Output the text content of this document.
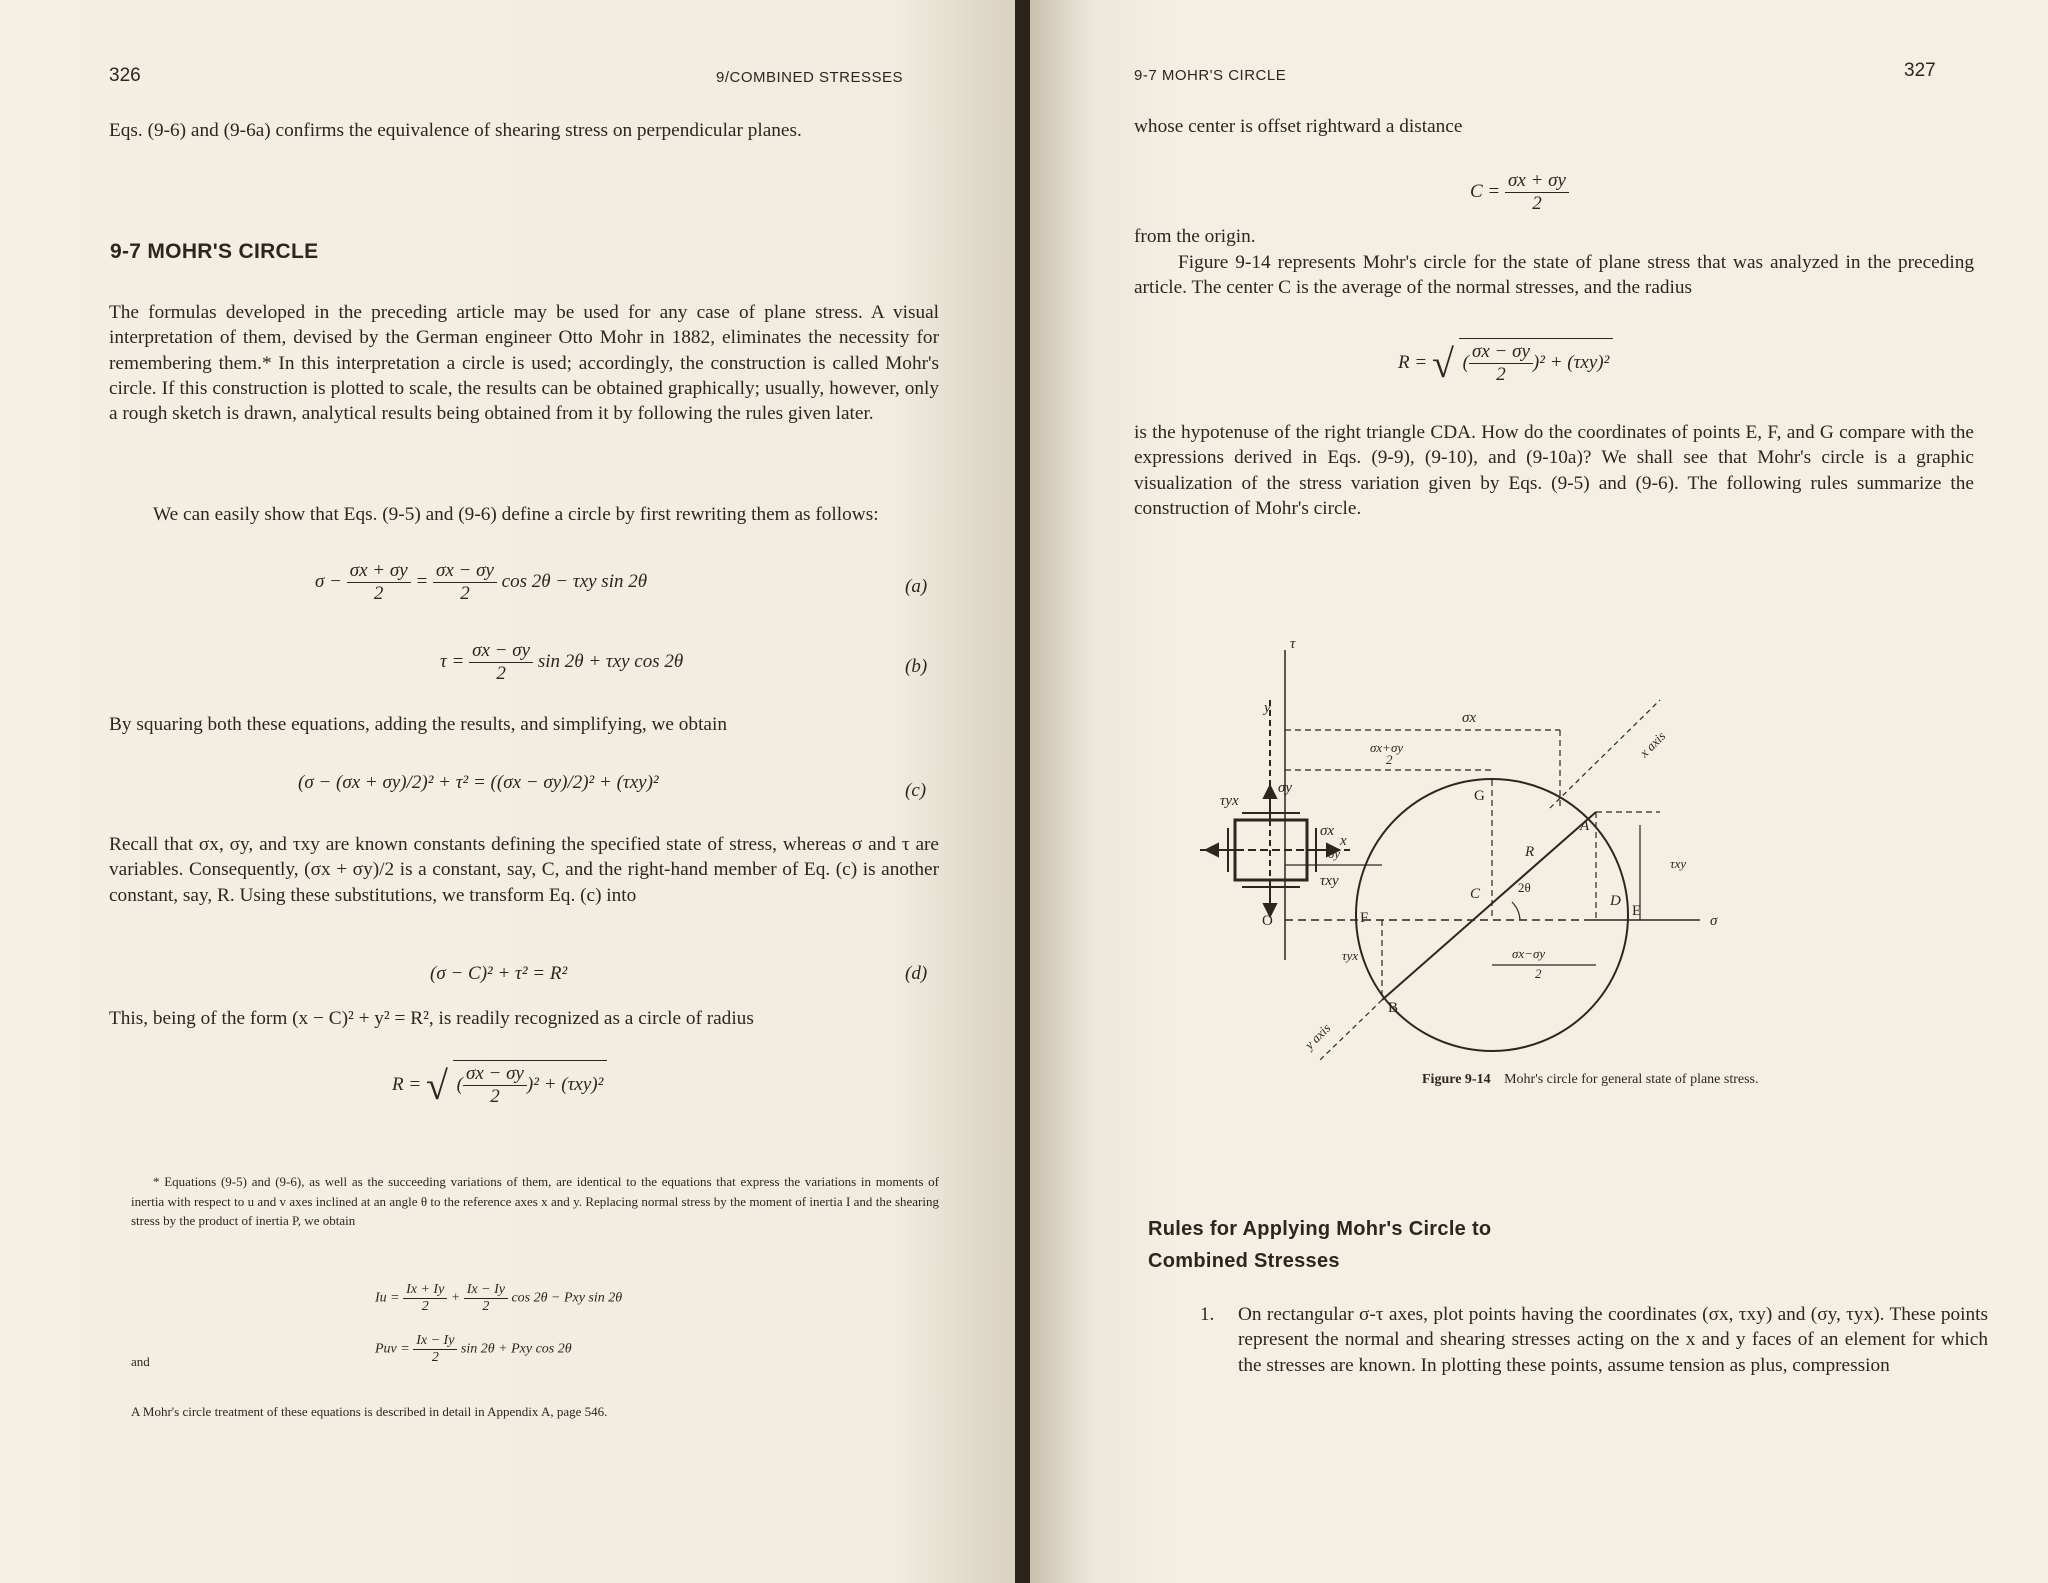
326	9/COMBINED STRESSES
Eqs. (9-6) and (9-6a) confirms the equivalence of shearing stress on perpendicular planes.
9-7 MOHR'S CIRCLE
The formulas developed in the preceding article may be used for any case of plane stress. A visual interpretation of them, devised by the German engineer Otto Mohr in 1882, eliminates the necessity for remembering them.* In this interpretation a circle is used; accordingly, the construction is called Mohr's circle. If this construction is plotted to scale, the results can be obtained graphically; usually, however, only a rough sketch is drawn, analytical results being obtained from it by following the rules given later.
We can easily show that Eqs. (9-5) and (9-6) define a circle by first rewriting them as follows:
$\sigma - \frac{\sigma x + \sigma y}{2} = \frac{\sigma x - \sigma y}{2}$ cos 2θ − τxy sin 2θ	(a)
$\tau = \frac{\sigma x - \sigma y}{2}$ sin 2θ + τxy cos 2θ	(b)
By squaring both these equations, adding the results, and simplifying, we obtain
(σ − (σx + σy)/2)² + τ² = ((σx − σy)/2)² + (τxy)²	(c)
Recall that σx, σy, and τxy are known constants defining the specified state of stress, whereas σ and τ are variables. Consequently, (σx + σy)/2 is a constant, say, C, and the right-hand member of Eq. (c) is another constant, say, R. Using these substitutions, we transform Eq. (c) into
(σ − C)² + τ² = R²	(d)
This, being of the form (x − C)² + y² = R², is readily recognized as a circle of radius
R = √ ( $\frac{\sigma x - \sigma y}{2} )^2 + (\tau xy)^2$
* Equations (9-5) and (9-6), as well as the succeeding variations of them, are identical to the equations that express the variations in moments of inertia with respect to u and v axes inclined at an angle θ to the reference axes x and y. Replacing normal stress by the moment of inertia I and the shearing stress by the product of inertia P, we obtain
$Iu = \frac{Ix + Iy}{2} + \frac{Ix - Iy}{2}$ cos 2θ − Pxy sin 2θ
and
Puv = $\frac{Ix - Iy}{2}$ sin 2θ + Pxy cos 2θ
A Mohr's circle treatment of these equations is described in detail in Appendix A, page 546.
9-7 MOHR'S CIRCLE	327
whose center is offset rightward a distance
$C = \frac{\sigma x + \sigma y}{2}$
from the origin.
Figure 9-14 represents Mohr's circle for the state of plane stress that was analyzed in the preceding article. The center C is the average of the normal stresses, and the radius
R = √ ( $\frac{\sigma x - \sigma y}{2} )^2 + (\tau xy)^2$
is the hypotenuse of the right triangle CDA. How do the coordinates of points E, F, and G compare with the expressions derived in Eqs. (9-9), (9-10), and (9-10a)? We shall see that Mohr's circle is a graphic visualization of the stress variation given by Eqs. (9-5) and (9-6). The following rules summarize the construction of Mohr's circle.
y
x
τyx
σy
σx
τxy
τ
σ
σx
σx+σy
2
G
A
R
C	2θ
D
E
O	F
B
σy
τyx
τxy
σx−σy
2
x axis
y axis
Figure 9-14 Mohr's circle for general state of plane stress.
Rules for Applying Mohr's Circle to
Combined Stresses
1. On rectangular σ-τ axes, plot points having the coordinates (σx, τxy) and (σy, τyx). These points represent the normal and shearing stresses acting on the x and y faces of an element for which the stresses are known. In plotting these points, assume tension as plus, compression
